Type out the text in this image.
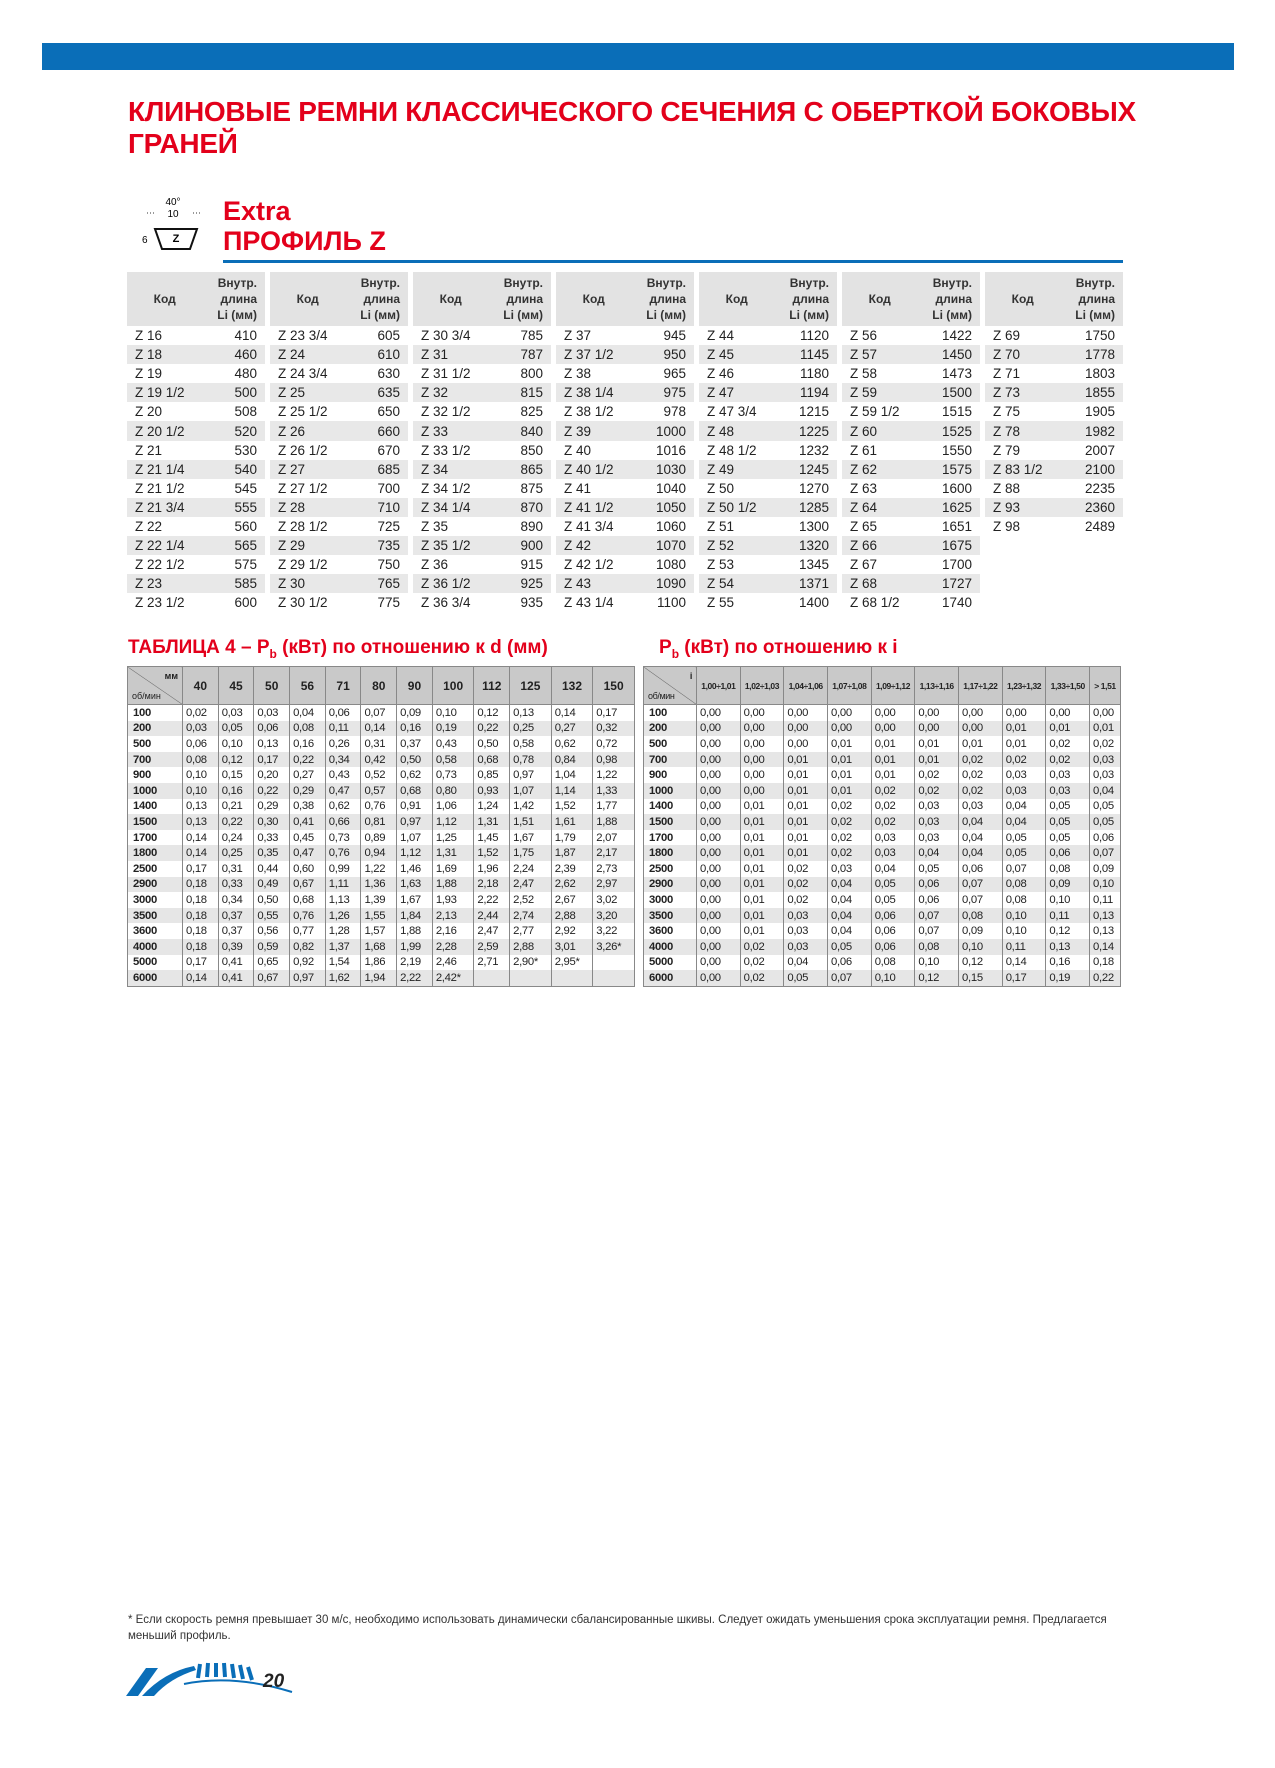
КЛИНОВЫЕ РЕМНИ КЛАССИЧЕСКОГО СЕЧЕНИЯ С ОБЕРТКОЙ БОКОВЫХ ГРАНЕЙ
40°
10
Z
6
Extra
ПРОФИЛЬ Z
Код	Внутр.
длина
Li (мм)
Z 16	410
Z 18	460
Z 19	480
Z 19 1/2	500
Z 20	508
Z 20 1/2	520
Z 21	530
Z 21 1/4	540
Z 21 1/2	545
Z 21 3/4	555
Z 22	560
Z 22 1/4	565
Z 22 1/2	575
Z 23	585
Z 23 1/2	600
Код	Внутр.
длина
Li (мм)
Z 23 3/4	605
Z 24	610
Z 24 3/4	630
Z 25	635
Z 25 1/2	650
Z 26	660
Z 26 1/2	670
Z 27	685
Z 27 1/2	700
Z 28	710
Z 28 1/2	725
Z 29	735
Z 29 1/2	750
Z 30	765
Z 30 1/2	775
Код	Внутр.
длина
Li (мм)
Z 30 3/4	785
Z 31	787
Z 31 1/2	800
Z 32	815
Z 32 1/2	825
Z 33	840
Z 33 1/2	850
Z 34	865
Z 34 1/2	875
Z 34 1/4	870
Z 35	890
Z 35 1/2	900
Z 36	915
Z 36 1/2	925
Z 36 3/4	935
Код	Внутр.
длина
Li (мм)
Z 37	945
Z 37 1/2	950
Z 38	965
Z 38 1/4	975
Z 38 1/2	978
Z 39	1000
Z 40	1016
Z 40 1/2	1030
Z 41	1040
Z 41 1/2	1050
Z 41 3/4	1060
Z 42	1070
Z 42 1/2	1080
Z 43	1090
Z 43 1/4	1100
Код	Внутр.
длина
Li (мм)
Z 44	1120
Z 45	1145
Z 46	1180
Z 47	1194
Z 47 3/4	1215
Z 48	1225
Z 48 1/2	1232
Z 49	1245
Z 50	1270
Z 50 1/2	1285
Z 51	1300
Z 52	1320
Z 53	1345
Z 54	1371
Z 55	1400
Код	Внутр.
длина
Li (мм)
Z 56	1422
Z 57	1450
Z 58	1473
Z 59	1500
Z 59 1/2	1515
Z 60	1525
Z 61	1550
Z 62	1575
Z 63	1600
Z 64	1625
Z 65	1651
Z 66	1675
Z 67	1700
Z 68	1727
Z 68 1/2	1740
Код	Внутр.
длина
Li (мм)
Z 69	1750
Z 70	1778
Z 71	1803
Z 73	1855
Z 75	1905
Z 78	1982
Z 79	2007
Z 83 1/2	2100
Z 88	2235
Z 93	2360
Z 98	2489
ТАБЛИЦА $4 - P_b$ (кВт) по отношению к d (мм)	$P_b$ (кВт) по отношению к i
мм
об/мин	40	45	50	56	71	80	90	100	112	125	132	150
100	0,02	0,03	0,03	0,04	0,06	0,07	0,09	0,10	0,12	0,13	0,14	0,17
200	0,03	0,05	0,06	0,08	0,11	0,14	0,16	0,19	0,22	0,25	0,27	0,32
500	0,06	0,10	0,13	0,16	0,26	0,31	0,37	0,43	0,50	0,58	0,62	0,72
700	0,08	0,12	0,17	0,22	0,34	0,42	0,50	0,58	0,68	0,78	0,84	0,98
900	0,10	0,15	0,20	0,27	0,43	0,52	0,62	0,73	0,85	0,97	1,04	1,22
1000	0,10	0,16	0,22	0,29	0,47	0,57	0,68	0,80	0,93	1,07	1,14	1,33
1400	0,13	0,21	0,29	0,38	0,62	0,76	0,91	1,06	1,24	1,42	1,52	1,77
1500	0,13	0,22	0,30	0,41	0,66	0,81	0,97	1,12	1,31	1,51	1,61	1,88
1700	0,14	0,24	0,33	0,45	0,73	0,89	1,07	1,25	1,45	1,67	1,79	2,07
1800	0,14	0,25	0,35	0,47	0,76	0,94	1,12	1,31	1,52	1,75	1,87	2,17
2500	0,17	0,31	0,44	0,60	0,99	1,22	1,46	1,69	1,96	2,24	2,39	2,73
2900	0,18	0,33	0,49	0,67	1,11	1,36	1,63	1,88	2,18	2,47	2,62	2,97
3000	0,18	0,34	0,50	0,68	1,13	1,39	1,67	1,93	2,22	2,52	2,67	3,02
3500	0,18	0,37	0,55	0,76	1,26	1,55	1,84	2,13	2,44	2,74	2,88	3,20
3600	0,18	0,37	0,56	0,77	1,28	1,57	1,88	2,16	2,47	2,77	2,92	3,22
4000	0,18	0,39	0,59	0,82	1,37	1,68	1,99	2,28	2,59	2,88	3,01	3,26*
5000	0,17	0,41	0,65	0,92	1,54	1,86	2,19	2,46	2,71	2,90*	2,95*	
6000	0,14	0,41	0,67	0,97	1,62	1,94	2,22	2,42*				
i
об/мин	1,00÷1,01	1,02÷1,03	1,04÷1,06	1,07÷1,08	1,09÷1,12	1,13÷1,16	1,17÷1,22	1,23÷1,32	1,33÷1,50	> 1,51
100	0,00	0,00	0,00	0,00	0,00	0,00	0,00	0,00	0,00	0,00
200	0,00	0,00	0,00	0,00	0,00	0,00	0,00	0,01	0,01	0,01
500	0,00	0,00	0,00	0,01	0,01	0,01	0,01	0,01	0,02	0,02
700	0,00	0,00	0,01	0,01	0,01	0,01	0,02	0,02	0,02	0,03
900	0,00	0,00	0,01	0,01	0,01	0,02	0,02	0,03	0,03	0,03
1000	0,00	0,00	0,01	0,01	0,02	0,02	0,02	0,03	0,03	0,04
1400	0,00	0,01	0,01	0,02	0,02	0,03	0,03	0,04	0,05	0,05
1500	0,00	0,01	0,01	0,02	0,02	0,03	0,04	0,04	0,05	0,05
1700	0,00	0,01	0,01	0,02	0,03	0,03	0,04	0,05	0,05	0,06
1800	0,00	0,01	0,01	0,02	0,03	0,04	0,04	0,05	0,06	0,07
2500	0,00	0,01	0,02	0,03	0,04	0,05	0,06	0,07	0,08	0,09
2900	0,00	0,01	0,02	0,04	0,05	0,06	0,07	0,08	0,09	0,10
3000	0,00	0,01	0,02	0,04	0,05	0,06	0,07	0,08	0,10	0,11
3500	0,00	0,01	0,03	0,04	0,06	0,07	0,08	0,10	0,11	0,13
3600	0,00	0,01	0,03	0,04	0,06	0,07	0,09	0,10	0,12	0,13
4000	0,00	0,02	0,03	0,05	0,06	0,08	0,10	0,11	0,13	0,14
5000	0,00	0,02	0,04	0,06	0,08	0,10	0,12	0,14	0,16	0,18
6000	0,00	0,02	0,05	0,07	0,10	0,12	0,15	0,17	0,19	0,22
* Если скорость ремня превышает 30 м/с, необходимо использовать динамически сбалансированные шкивы. Следует ожидать уменьшения срока эксплуатации ремня. Предлагается меньший профиль.
20
